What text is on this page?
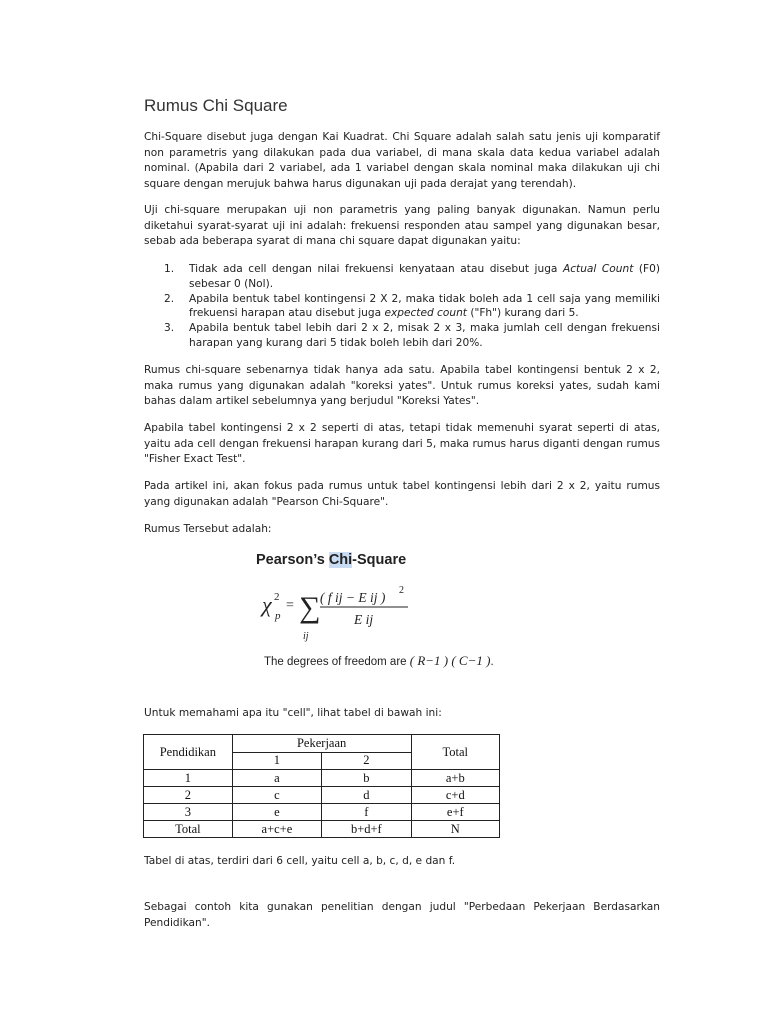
Rumus Chi Square

Chi-Square disebut juga dengan Kai Kuadrat. Chi Square adalah salah satu jenis uji komparatif non parametris yang dilakukan pada dua variabel, di mana skala data kedua variabel adalah nominal. (Apabila dari 2 variabel, ada 1 variabel dengan skala nominal maka dilakukan uji chi square dengan merujuk bahwa harus digunakan uji pada derajat yang terendah).

Uji chi-square merupakan uji non parametris yang paling banyak digunakan. Namun perlu diketahui syarat-syarat uji ini adalah: frekuensi responden atau sampel yang digunakan besar, sebab ada beberapa syarat di mana chi square dapat digunakan yaitu:

1. Tidak ada cell dengan nilai frekuensi kenyataan atau disebut juga Actual Count (F0) sebesar 0 (Nol).
2. Apabila bentuk tabel kontingensi 2 X 2, maka tidak boleh ada 1 cell saja yang memiliki frekuensi harapan atau disebut juga expected count ("Fh") kurang dari 5.
3. Apabila bentuk tabel lebih dari 2 x 2, misak 2 x 3, maka jumlah cell dengan frekuensi harapan yang kurang dari 5 tidak boleh lebih dari 20%.

Rumus chi-square sebenarnya tidak hanya ada satu. Apabila tabel kontingensi bentuk 2 x 2, maka rumus yang digunakan adalah "koreksi yates". Untuk rumus koreksi yates, sudah kami bahas dalam artikel sebelumnya yang berjudul "Koreksi Yates".

Apabila tabel kontingensi 2 x 2 seperti di atas, tetapi tidak memenuhi syarat seperti di atas, yaitu ada cell dengan frekuensi harapan kurang dari 5, maka rumus harus diganti dengan rumus "Fisher Exact Test".

Pada artikel ini, akan fokus pada rumus untuk tabel kontingensi lebih dari 2 x 2, yaitu rumus yang digunakan adalah "Pearson Chi-Square".

Rumus Tersebut adalah:

Pearson’s Chi-Square
χ 2
p
= ∑
ij
( f ij − E ij ) 2
E ij
The degrees of freedom are ( R−1 ) ( C−1 ).

Untuk memahami apa itu "cell", lihat tabel di bawah ini:

Pendidikan	Pekerjaan		Total
	1	2	
1	a	b	a+b
2	c	d	c+d
3	e	f	e+f
Total	a+c+e	b+d+f	N

Tabel di atas, terdiri dari 6 cell, yaitu cell a, b, c, d, e dan f.

Sebagai contoh kita gunakan penelitian dengan judul "Perbedaan Pekerjaan Berdasarkan Pendidikan".
